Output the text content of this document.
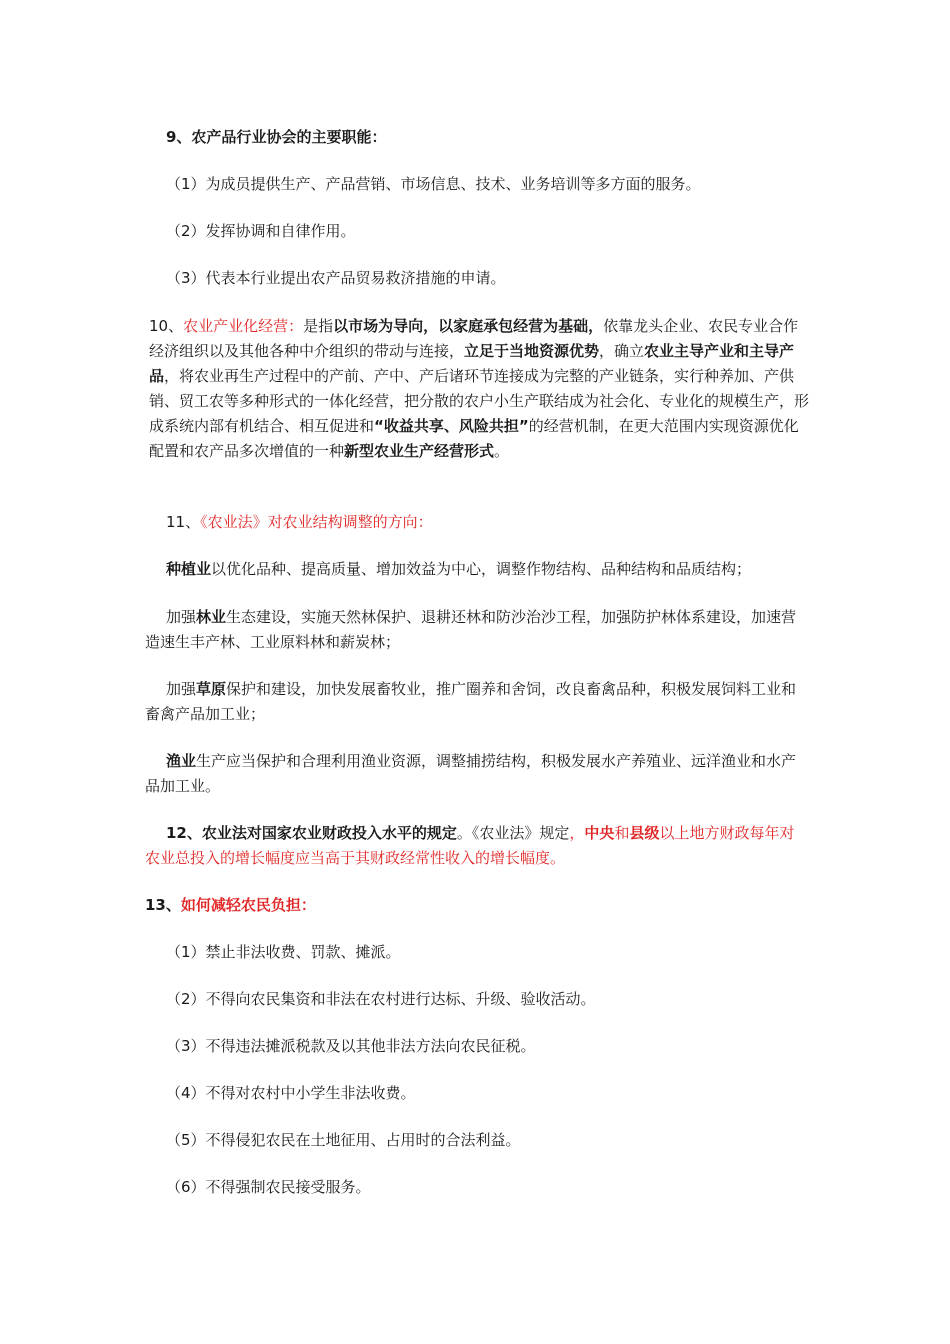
9、农产品行业协会的主要职能：

（1）为成员提供生产、产品营销、市场信息、技术、业务培训等多方面的服务。

（2）发挥协调和自律作用。

（3）代表本行业提出农产品贸易救济措施的申请。

10、农业产业化经营：是指以市场为导向，以家庭承包经营为基础，依靠龙头企业、农民专业合作经济组织以及其他各种中介组织的带动与连接，立足于当地资源优势，确立农业主导产业和主导产品，将农业再生产过程中的产前、产中、产后诸环节连接成为完整的产业链条，实行种养加、产供销、贸工农等多种形式的一体化经营，把分散的农户小生产联结成为社会化、专业化的规模生产，形成系统内部有机结合、相互促进和“收益共享、风险共担”的经营机制，在更大范围内实现资源优化配置和农产品多次增值的一种新型农业生产经营形式。

11、《农业法》对农业结构调整的方向：

种植业以优化品种、提高质量、增加效益为中心，调整作物结构、品种结构和品质结构；

加强林业生态建设，实施天然林保护、退耕还林和防沙治沙工程，加强防护林体系建设，加速营造速生丰产林、工业原料林和薪炭林；

加强草原保护和建设，加快发展畜牧业，推广圈养和舍饲，改良畜禽品种，积极发展饲料工业和畜禽产品加工业；

渔业生产应当保护和合理利用渔业资源，调整捕捞结构，积极发展水产养殖业、远洋渔业和水产品加工业。

12、农业法对国家农业财政投入水平的规定。《农业法》规定，中央和县级以上地方财政每年对农业总投入的增长幅度应当高于其财政经常性收入的增长幅度。

13、如何减轻农民负担：

（1）禁止非法收费、罚款、摊派。

（2）不得向农民集资和非法在农村进行达标、升级、验收活动。

（3）不得违法摊派税款及以其他非法方法向农民征税。

（4）不得对农村中小学生非法收费。

（5）不得侵犯农民在土地征用、占用时的合法利益。

（6）不得强制农民接受服务。
